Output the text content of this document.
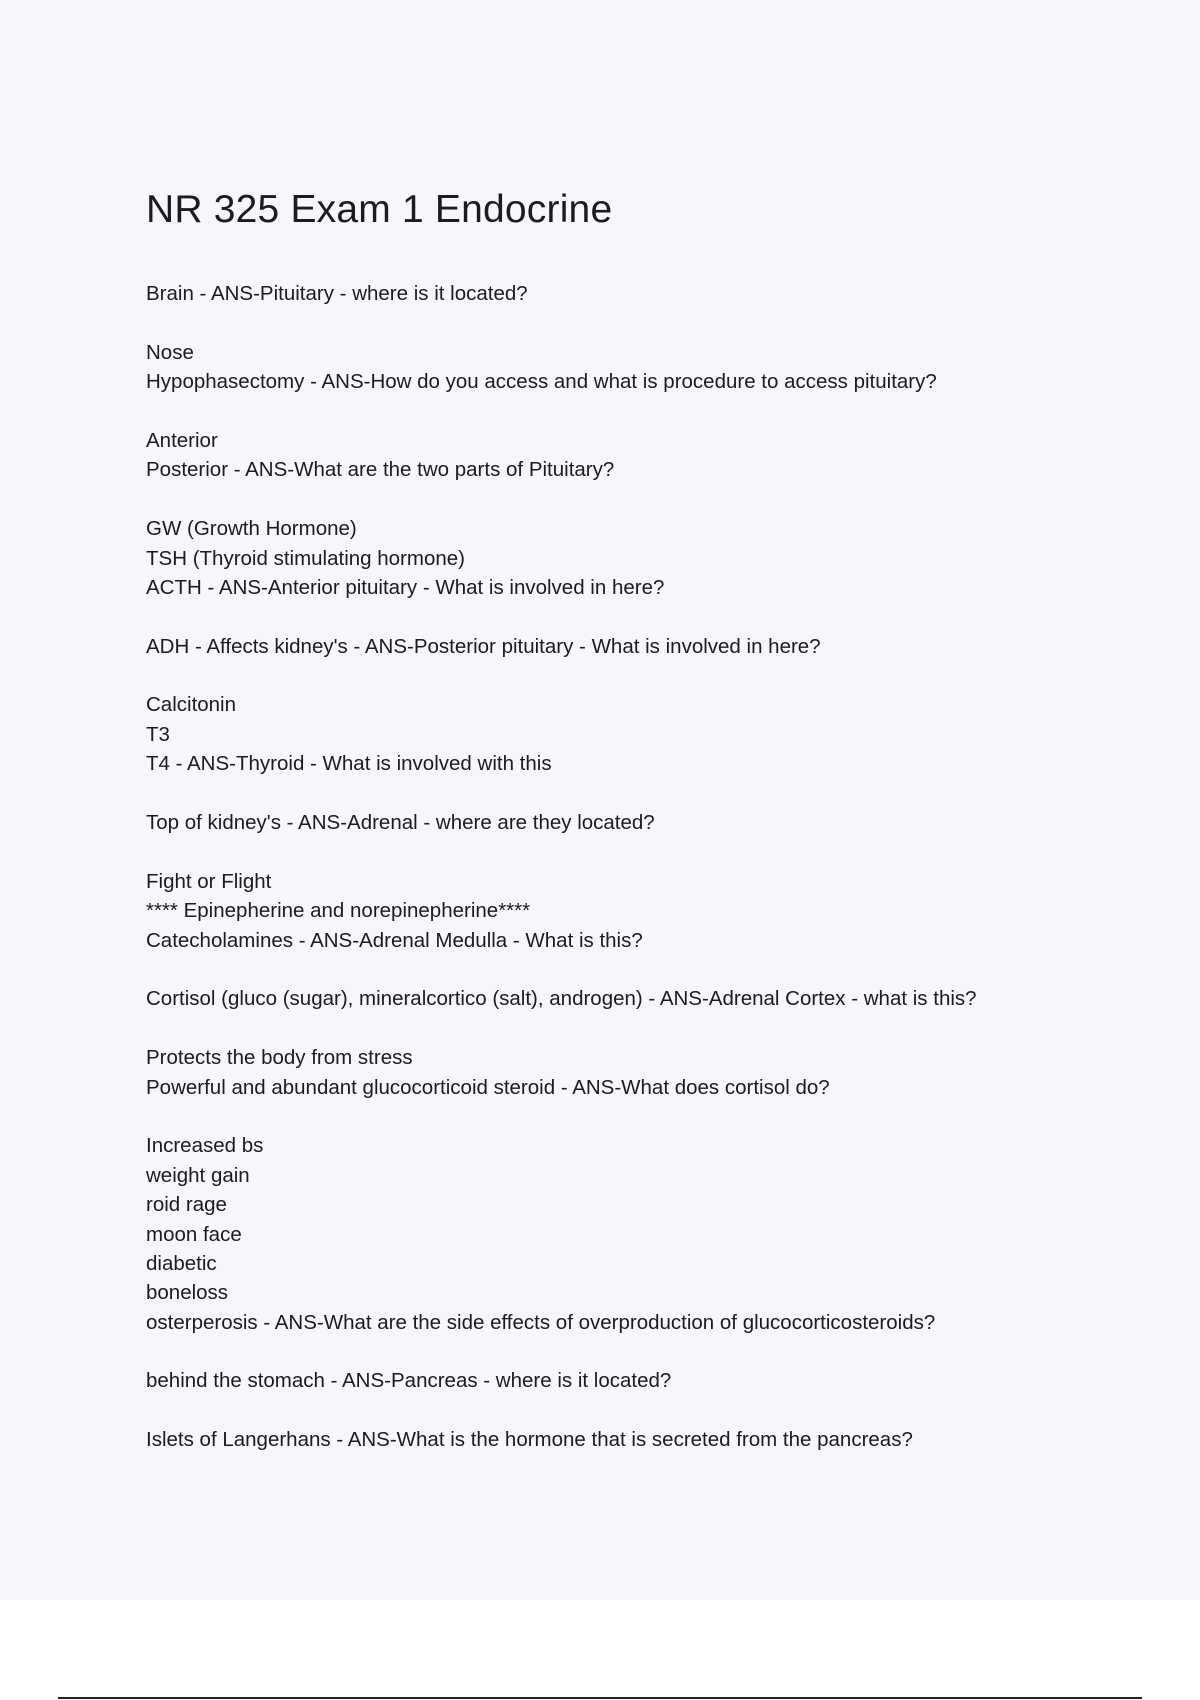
NR 325 Exam 1 Endocrine
Brain - ANS-Pituitary - where is it located?
Nose
Hypophasectomy - ANS-How do you access and what is procedure to access pituitary?
Anterior
Posterior - ANS-What are the two parts of Pituitary?
GW (Growth Hormone)
TSH (Thyroid stimulating hormone)
ACTH - ANS-Anterior pituitary - What is involved in here?
ADH - Affects kidney's - ANS-Posterior pituitary - What is involved in here?
Calcitonin
T3
T4 - ANS-Thyroid - What is involved with this
Top of kidney's - ANS-Adrenal - where are they located?
Fight or Flight
**** Epinepherine and norepinepherine****
Catecholamines - ANS-Adrenal Medulla - What is this?
Cortisol (gluco (sugar), mineralcortico (salt), androgen) - ANS-Adrenal Cortex - what is this?
Protects the body from stress
Powerful and abundant glucocorticoid steroid - ANS-What does cortisol do?
Increased bs
weight gain
roid rage
moon face
diabetic
boneloss
osterperosis - ANS-What are the side effects of overproduction of glucocorticosteroids?
behind the stomach - ANS-Pancreas - where is it located?
Islets of Langerhans - ANS-What is the hormone that is secreted from the pancreas?
